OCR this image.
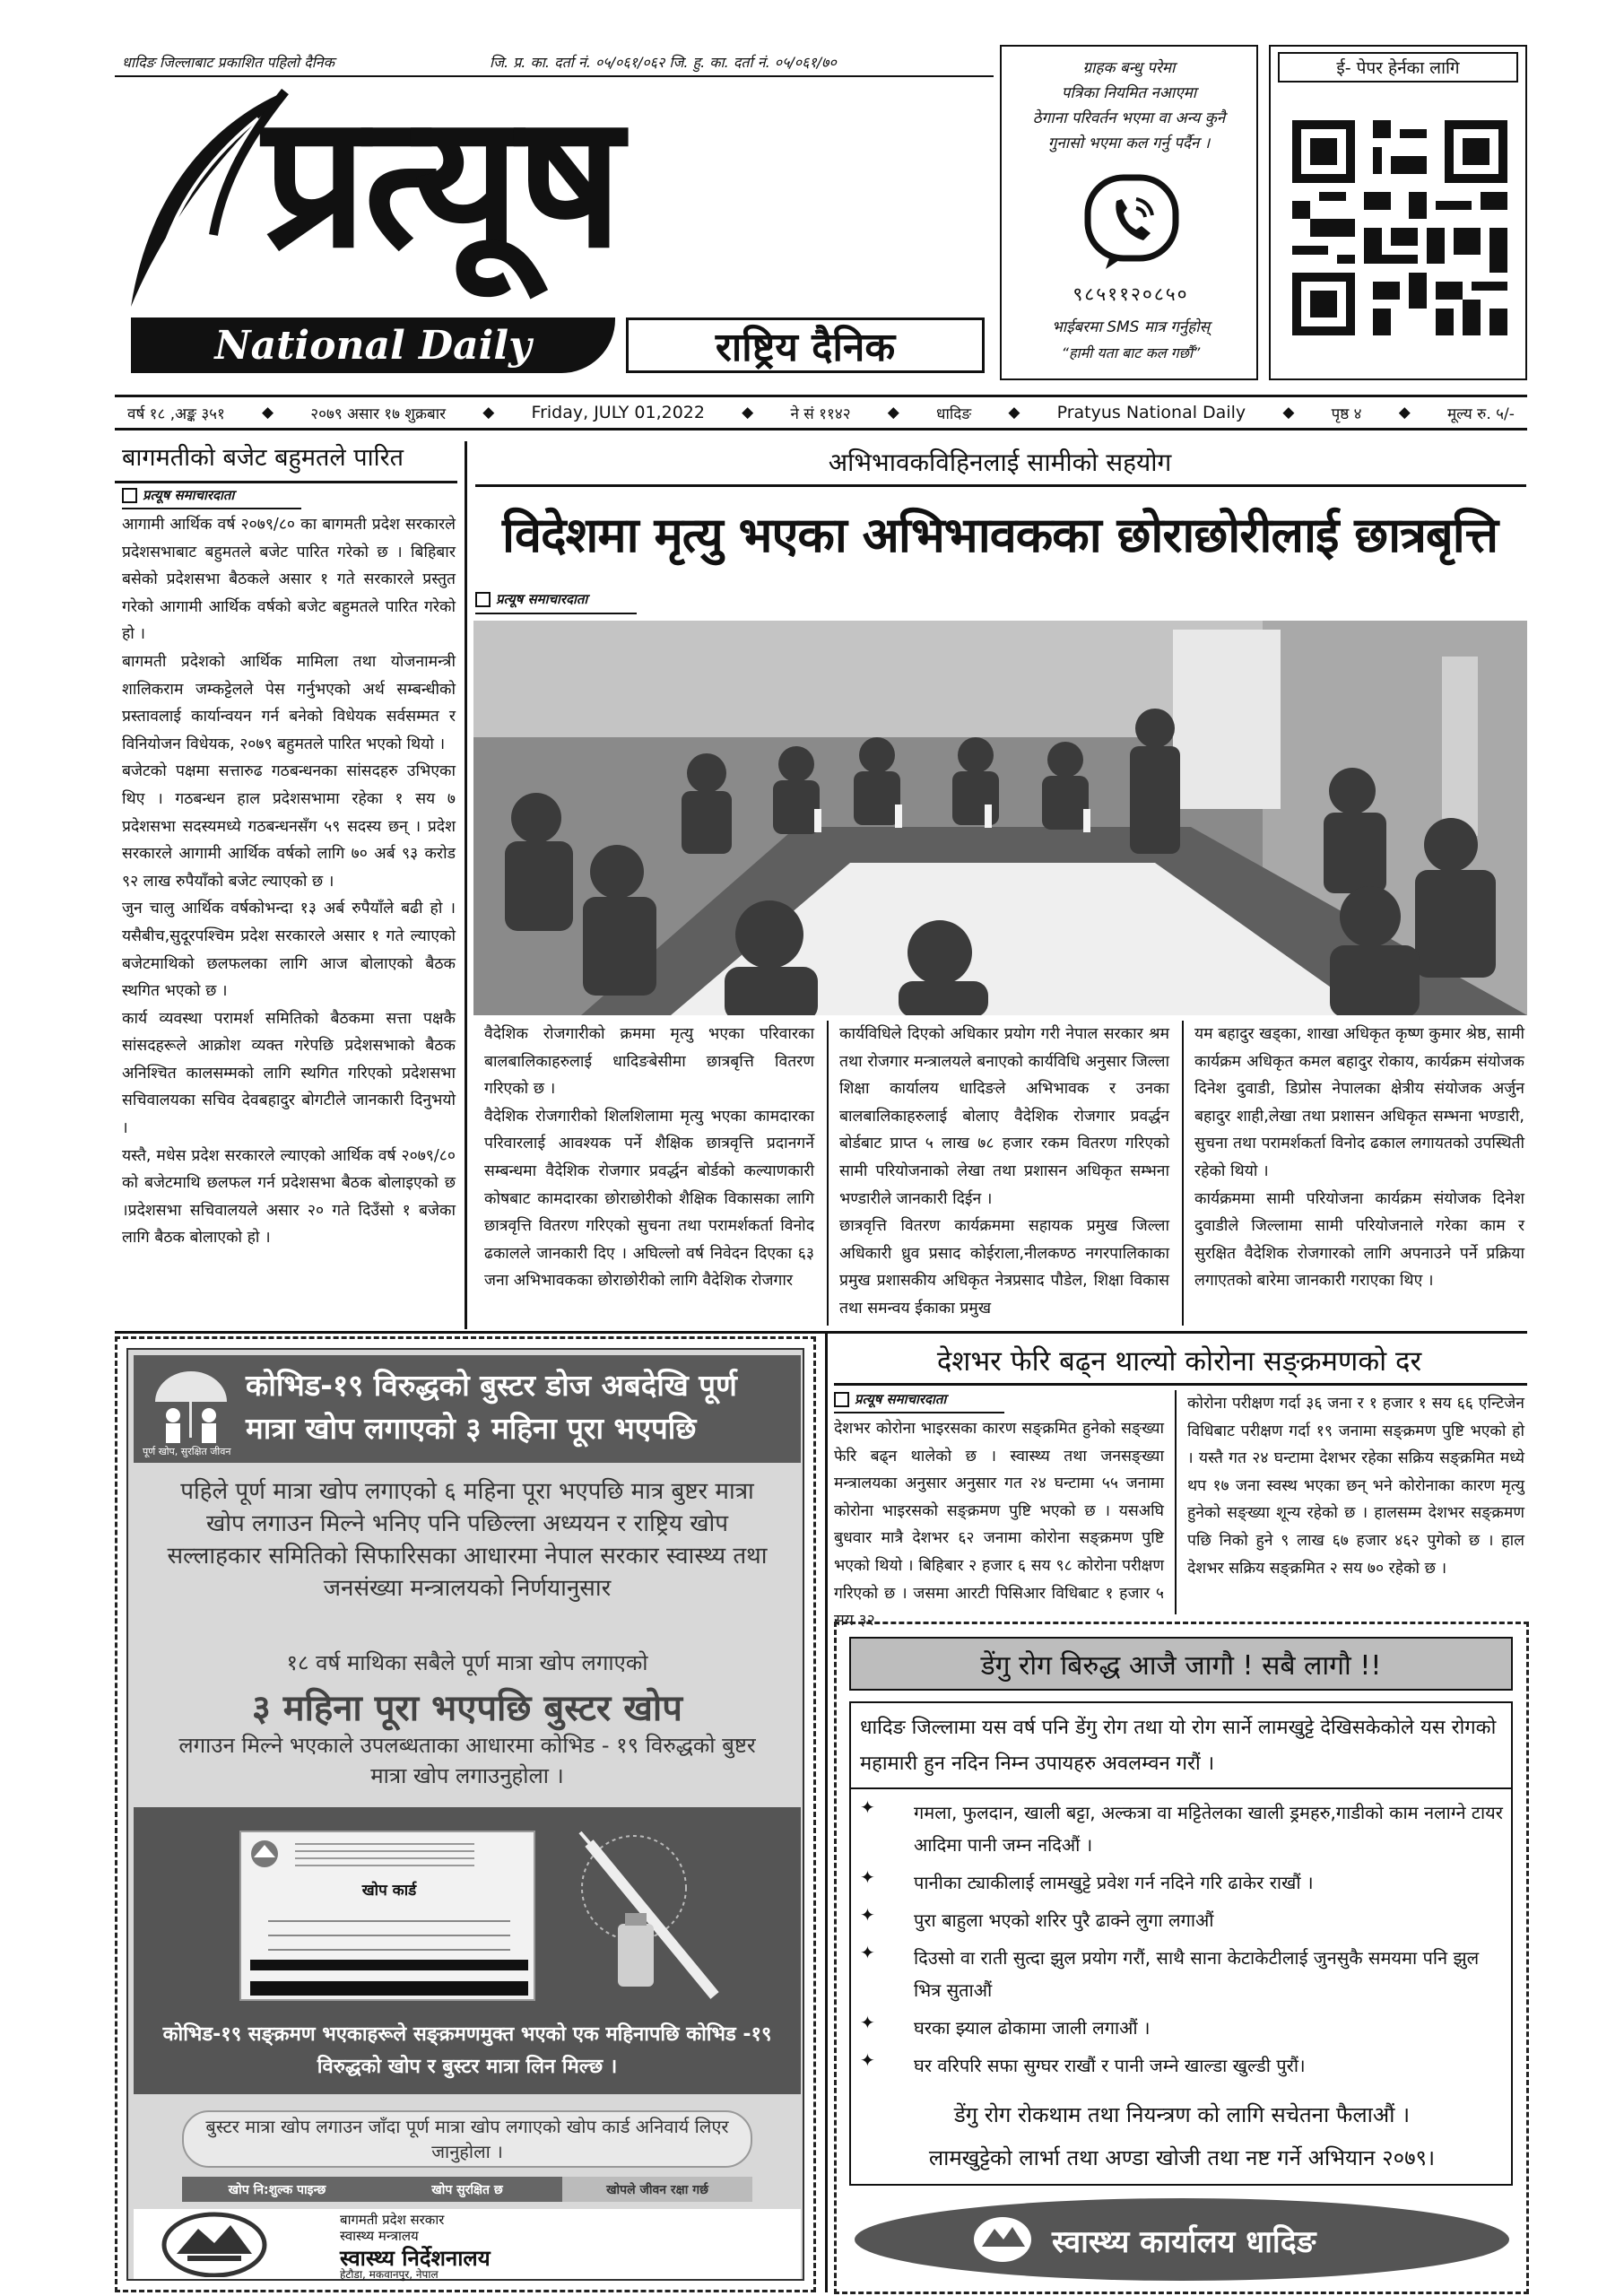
धादिङ जिल्लाबाट प्रकाशित पहिलो दैनिक	जि. प्र. का. दर्ता नं. ०५/०६१/०६२ जि. हु. का. दर्ता नं. ०५/०६१/७०
प्रत्यूष
National Daily	राष्ट्रिय दैनिक
ग्राहक बन्धु परेमा
पत्रिका नियमित नआएमा
ठेगाना परिवर्तन भएमा वा अन्य कुनै
गुनासो भएमा कल गर्नु पर्दैन ।
९८५११२०८५०
भाईबरमा SMS मात्र गर्नुहोस्
“हामी यता बाट कल गर्छौं”
ई- पेपर हेर्नका लागि
वर्ष १८ ,अङ्क ३५१ ◆ २०७९ असार १७ शुक्रबार ◆ Friday, JULY 01,2022 ◆ ने सं ११४२ ◆ धादिङ ◆ Pratyus National Daily ◆ पृष्ठ ४ ◆ मूल्य रु. ५/-
बागमतीको बजेट बहुमतले पारित
प्रत्यूष समाचारदाता
आगामी आर्थिक वर्ष २०७९/८० का बागमती प्रदेश सरकारले प्रदेशसभाबाट बहुमतले बजेट पारित गरेको छ । बिहिबार बसेको प्रदेशसभा बैठकले असार १ गते सरकारले प्रस्तुत गरेको आगामी आर्थिक वर्षको बजेट बहुमतले पारित गरेको हो ।
बागमती प्रदेशको आर्थिक मामिला तथा योजनामन्त्री शालिकराम जम्कट्टेलले पेस गर्नुभएको अर्थ सम्बन्धीको प्रस्तावलाई कार्यान्वयन गर्न बनेको विधेयक सर्वसम्मत र विनियोजन विधेयक, २०७९ बहुमतले पारित भएको थियो ।
बजेटको पक्षमा सत्तारुढ गठबन्धनका सांसदहरु उभिएका थिए । गठबन्धन हाल प्रदेशसभामा रहेका १ सय ७ प्रदेशसभा सदस्यमध्ये गठबन्धनसँग ५९ सदस्य छन् । प्रदेश सरकारले आगामी आर्थिक वर्षको लागि ७० अर्ब ९३ करोड ९२ लाख रुपैयाँको बजेट ल्याएको छ ।
जुन चालु आर्थिक वर्षकोभन्दा १३ अर्ब रुपैयाँले बढी हो ।यसैबीच,सुदूरपश्चिम प्रदेश सरकारले असार १ गते ल्याएको बजेटमाथिको छलफलका लागि आज बोलाएको बैठक स्थगित भएको छ ।
कार्य व्यवस्था परामर्श समितिको बैठकमा सत्ता पक्षकै सांसदहरूले आक्रोश व्यक्त गरेपछि प्रदेशसभाको बैठक अनिश्चित कालसम्मको लागि स्थगित गरिएको प्रदेशसभा सचिवालयका सचिव देवबहादुर बोगटीले जानकारी दिनुभयो ।
यस्तै, मधेस प्रदेश सरकारले ल्याएको आर्थिक वर्ष २०७९/८० को बजेटमाथि छलफल गर्न प्रदेशसभा बैठक बोलाइएको छ ।प्रदेशसभा सचिवालयले असार २० गते दिउँसो १ बजेका लागि बैठक बोलाएको हो ।
अभिभावकविहिनलाई सामीको सहयोग
विदेशमा मृत्यु भएका अभिभावकका छोराछोरीलाई छात्रबृत्ति
प्रत्यूष समाचारदाता
वैदेशिक रोजगारीको क्रममा मृत्यु भएका परिवारका बालबालिकाहरुलाई धादिङबेसीमा छात्रबृत्ति वितरण गरिएको छ ।
वैदेशिक रोजगारीको शिलशिलामा मृत्यु भएका कामदारका परिवारलाई आवश्यक पर्ने शैक्षिक छात्रवृत्ति प्रदानगर्ने सम्बन्धमा वैदेशिक रोजगार प्रवर्द्धन बोर्डको कल्याणकारी कोषबाट कामदारका छोराछोरीको शैक्षिक विकासका लागि छात्रवृत्ति वितरण गरिएको सुचना तथा परामर्शकर्ता विनोद ढकालले जानकारी दिए । अघिल्लो वर्ष निवेदन दिएका ६३ जना अभिभावकका छोराछोरीको लागि वैदेशिक रोजगार
कार्यविधिले दिएको अधिकार प्रयोग गरी नेपाल सरकार श्रम तथा रोजगार मन्त्रालयले बनाएको कार्यविधि अनुसार जिल्ला शिक्षा कार्यालय धादिङले अभिभावक र उनका बालबालिकाहरुलाई बोलाए वैदेशिक रोजगार प्रवर्द्धन बोर्डबाट प्राप्त ५ लाख ७८ हजार रकम वितरण गरिएको सामी परियोजनाको लेखा तथा प्रशासन अधिकृत सम्भना भण्डारीले जानकारी दिईन ।
छात्रवृत्ति वितरण कार्यक्रममा सहायक प्रमुख जिल्ला अधिकारी ध्रुव प्रसाद कोईराला,नीलकण्ठ नगरपालिकाका प्रमुख प्रशासकीय अधिकृत नेत्रप्रसाद पौडेल, शिक्षा विकास तथा समन्वय ईकाका प्रमुख
यम बहादुर खड्का, शाखा अधिकृत कृष्ण कुमार श्रेष्ठ, सामी कार्यक्रम अधिकृत कमल बहादुर रोकाय, कार्यक्रम संयोजक दिनेश दुवाडी, डिप्रोस नेपालका क्षेत्रीय संयोजक अर्जुन बहादुर शाही,लेखा तथा प्रशासन अधिकृत सम्भना भण्डारी, सुचना तथा परामर्शकर्ता विनोद ढकाल लगायतको उपस्थिती रहेको थियो ।
कार्यक्रममा सामी परियोजना कार्यक्रम संयोजक दिनेश दुवाडीले जिल्लामा सामी परियोजनाले गरेका काम र सुरक्षित वैदेशिक रोजगारको लागि अपनाउने पर्ने प्रक्रिया लगाएतको बारेमा जानकारी गराएका थिए ।
कोभिड-१९ विरुद्धको बुस्टर डोज अबदेखि पूर्ण मात्रा खोप लगाएको ३ महिना पूरा भएपछि
पूर्ण खोप, सुरक्षित जीवन
पहिले पूर्ण मात्रा खोप लगाएको ६ महिना पूरा भएपछि मात्र बुष्टर मात्रा खोप लगाउन मिल्ने भनिए पनि पछिल्ला अध्ययन र राष्ट्रिय खोप सल्लाहकार समितिको सिफारिसका आधारमा नेपाल सरकार स्वास्थ्य तथा जनसंख्या मन्त्रालयको निर्णयानुसार
१८ वर्ष माथिका सबैले पूर्ण मात्रा खोप लगाएको
३ महिना पूरा भएपछि बुस्टर खोप
लगाउन मिल्ने भएकाले उपलब्धताका आधारमा कोभिड - १९ विरुद्धको बुष्टर मात्रा खोप लगाउनुहोला ।
खोप कार्ड
कोभिड-१९ सङ्क्रमण भएकाहरूले सङ्क्रमणमुक्त भएको एक महिनापछि कोभिड -१९ विरुद्धको खोप र बुस्टर मात्रा लिन मिल्छ ।
बुस्टर मात्रा खोप लगाउन जाँदा पूर्ण मात्रा खोप लगाएको खोप कार्ड अनिवार्य लिएर जानुहोला ।
खोप नि:शुल्क पाइन्छ	खोप सुरक्षित छ	खोपले जीवन रक्षा गर्छ
बागमती प्रदेश सरकार
स्वास्थ्य मन्त्रालय
स्वास्थ्य निर्देशनालय
हेटौडा, मकवानपुर, नेपाल
देशभर फेरि बढ्न थाल्यो कोरोना सङ्क्रमणको दर
प्रत्यूष समाचारदाता
देशभर कोरोना भाइरसका कारण सङ्क्रमित हुनेको सङ्ख्या फेरि बढ्न थालेको छ । स्वास्थ्य तथा जनसङ्ख्या मन्त्रालयका अनुसार अनुसार गत २४ घन्टामा ५५ जनामा कोरोना भाइरसको सङ्क्रमण पुष्टि भएको छ । यसअघि बुधवार मात्रै देशभर ६२ जनामा कोरोना सङ्क्रमण पुष्टि भएको थियो । बिहिबार २ हजार ६ सय ९८ कोरोना परीक्षण गरिएको छ । जसमा आरटी पिसिआर विधिबाट १ हजार ५ सय ३२
कोरोना परीक्षण गर्दा ३६ जना र १ हजार १ सय ६६ एन्टिजेन विधिबाट परीक्षण गर्दा १९ जनामा सङ्क्रमण पुष्टि भएको हो । यस्तै गत २४ घन्टामा देशभर रहेका सक्रिय सङ्क्रमित मध्ये थप १७ जना स्वस्थ भएका छन् भने कोरोनाका कारण मृत्यु हुनेको सङ्ख्या शून्य रहेको छ । हालसम्म देशभर सङ्क्रमण पछि निको हुने ९ लाख ६७ हजार ४६२ पुगेको छ । हाल देशभर सक्रिय सङ्क्रमित २ सय ७० रहेको छ ।
डेंगु रोग बिरुद्ध आजै जागौ ! सबै लागौ !!
धादिङ जिल्लामा यस वर्ष पनि डेंगु रोग तथा यो रोग सार्ने लामखुट्टे देखिसकेकोले यस रोगको महामारी हुन नदिन निम्न उपायहरु अवलम्वन गरौं ।
✦	गमला, फुलदान, खाली बट्टा, अल्कत्रा वा मट्टितेलका खाली ड्रमहरु,गाडीको काम नलाग्ने टायर आदिमा पानी जम्न नदिऔं ।
✦	पानीका ट्याकीलाई लामखुट्टे प्रवेश गर्न नदिने गरि ढाकेर राखौं ।
✦	पुरा बाहुला भएको शरिर पुरै ढाक्ने लुगा लगाऔं
✦	दिउसो वा राती सुत्दा झुल प्रयोग गरौं, साथै साना केटाकेटीलाई जुनसुकै समयमा पनि झुल भित्र सुताऔं
✦	घरका झ्याल ढोकामा जाली लगाऔं ।
✦	घर वरिपरि सफा सुग्घर राखौं र पानी जम्ने खाल्डा खुल्डी पुरौं।
डेंगु रोग रोकथाम तथा नियन्त्रण को लागि सचेतना फैलाऔं ।
लामखुट्टेको लार्भा तथा अण्डा खोजी तथा नष्ट गर्ने अभियान २०७९।
स्वास्थ्य कार्यालय धादिङ
